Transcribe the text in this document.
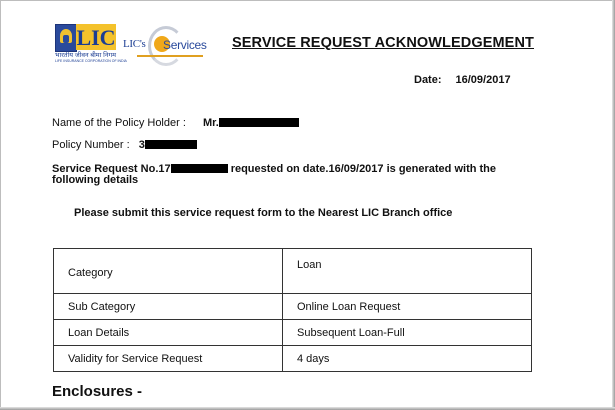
LIC
भारतीय जीवन बीमा निगम
LIFE INSURANCE CORPORATION OF INDIA
LIC's Services SERVICE REQUEST ACKNOWLEDGEMENT
Date: 16/09/2017
Name of the Policy Holder : Mr.
Policy Number : 3
Service Request No.17	requested on date.16/09/2017 is generated with the following details
Please submit this service request form to the Nearest LIC Branch office
Category	Loan
Sub Category	Online Loan Request
Loan Details	Subsequent Loan-Full
Validity for Service Request	4 days
Enclosures -
